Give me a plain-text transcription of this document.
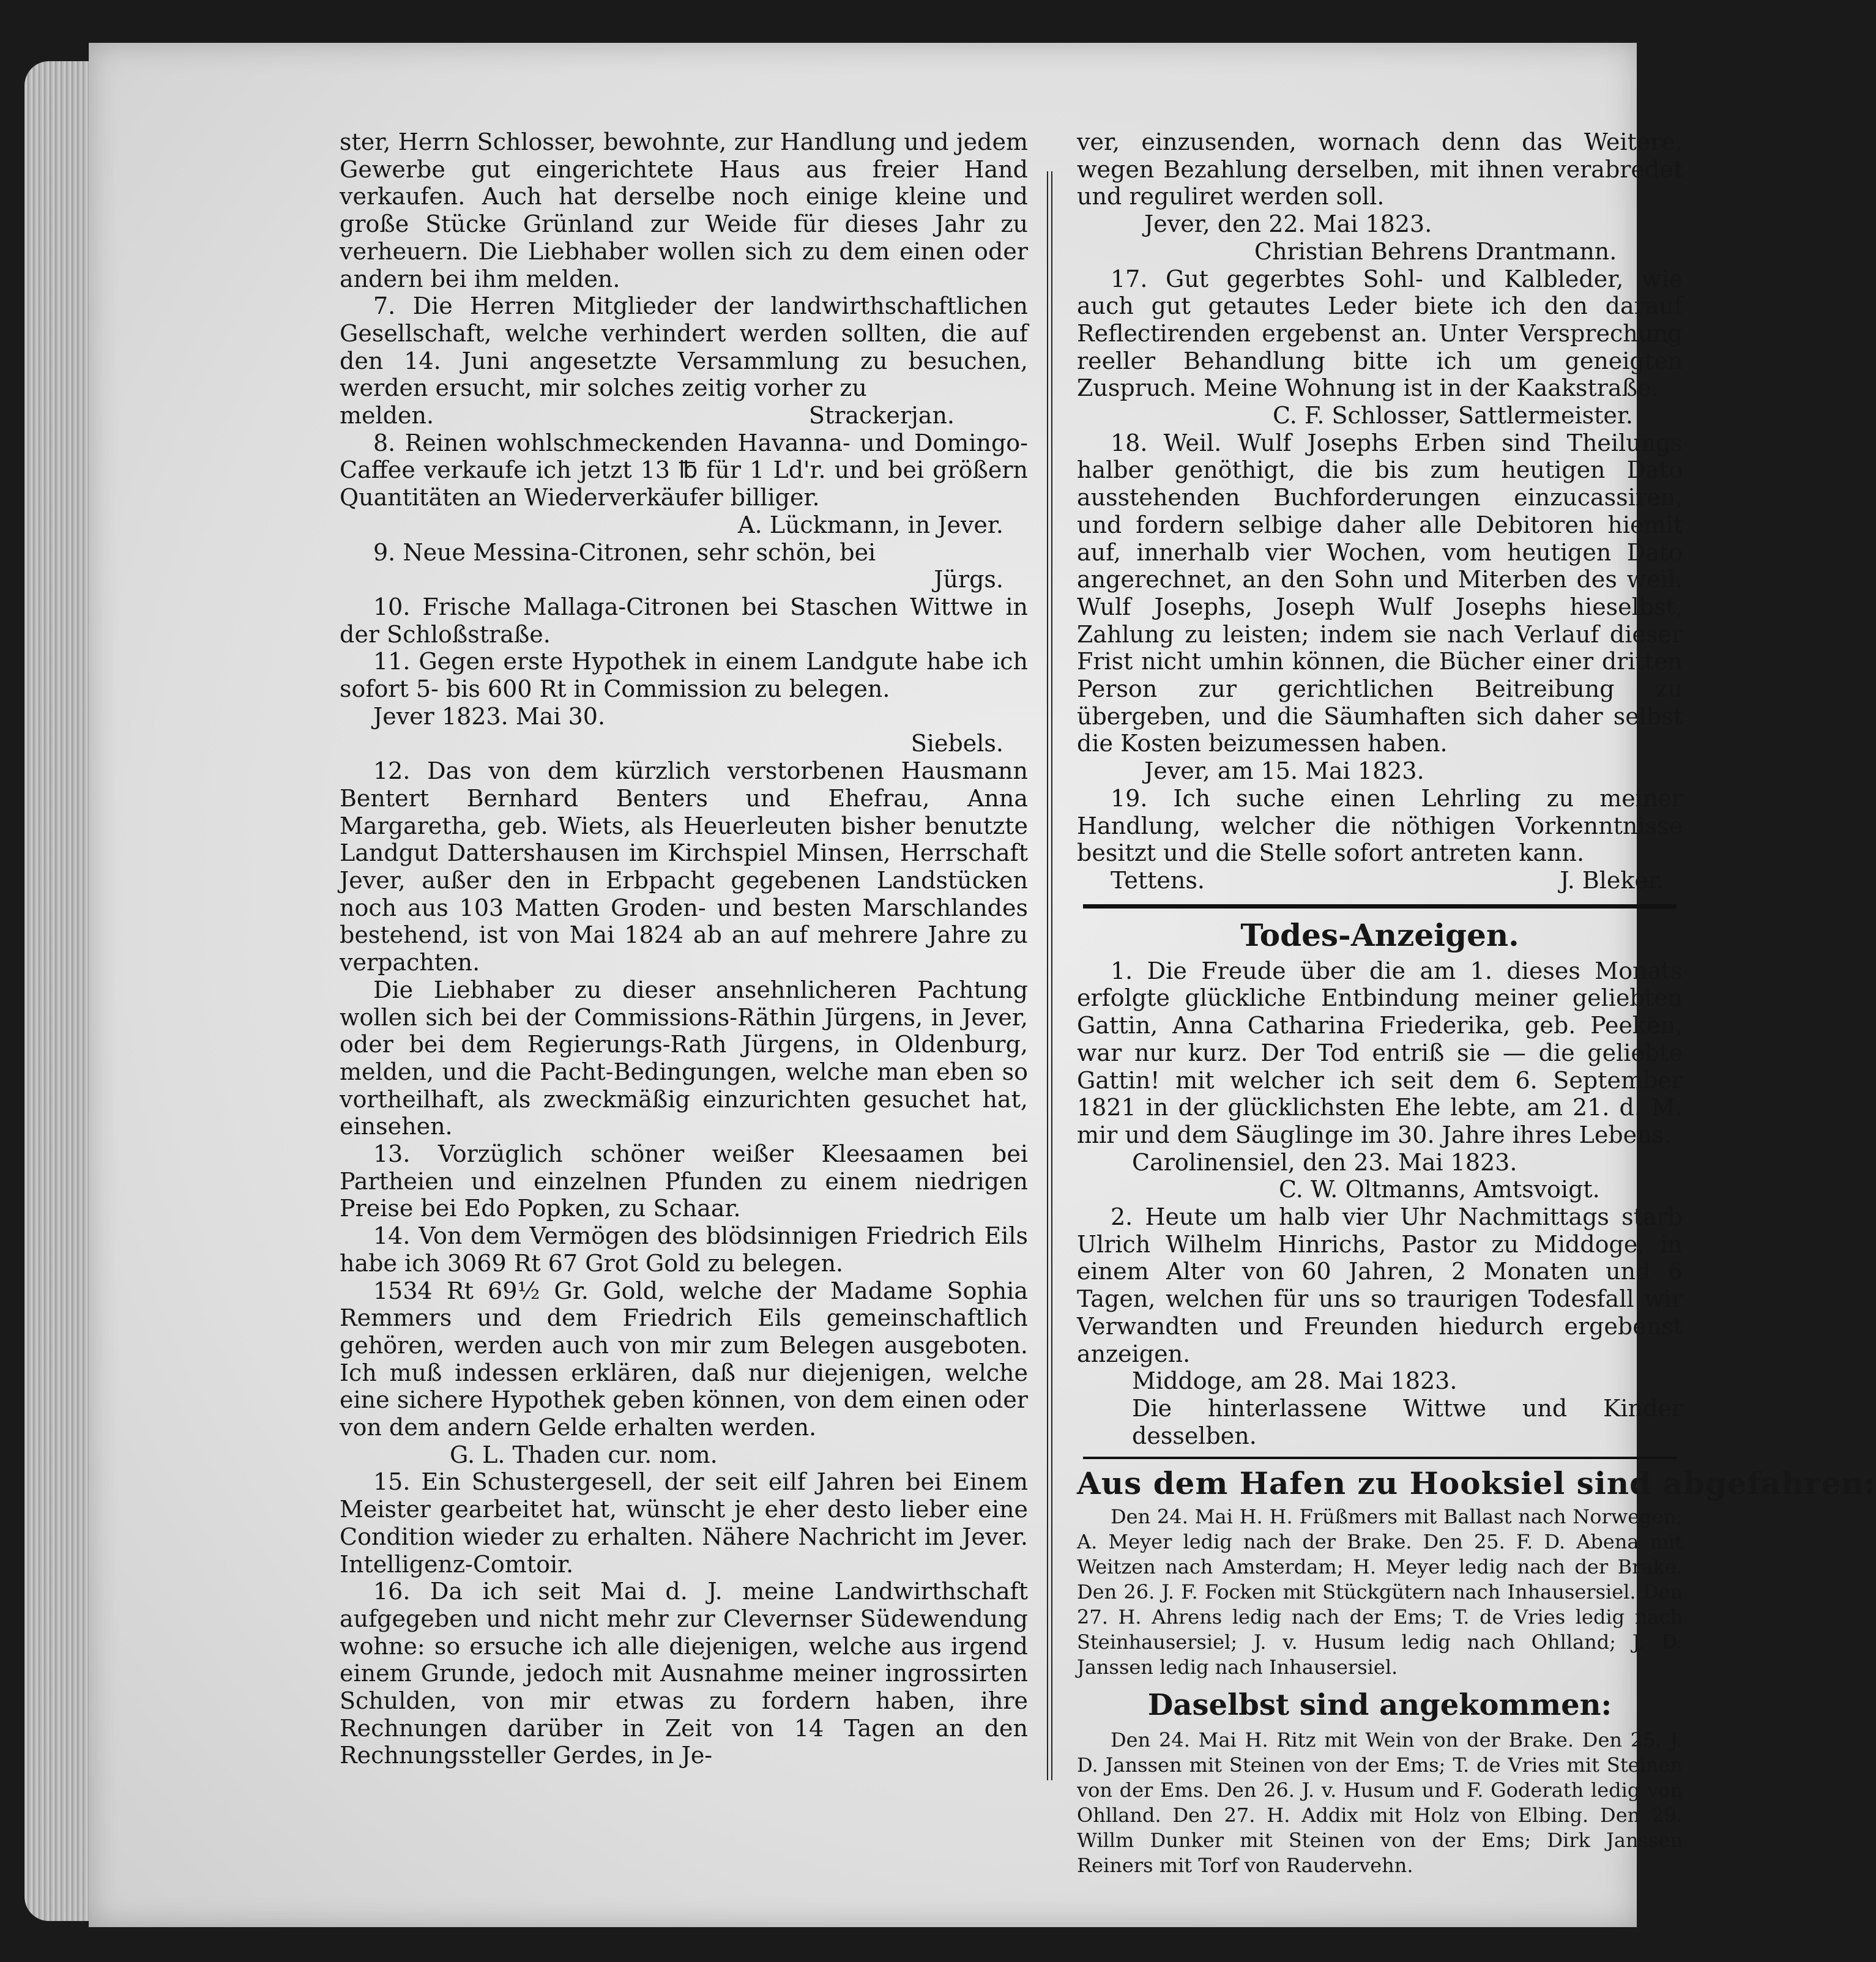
ster, Herrn Schlosser, bewohnte, zur Handlung und jedem Gewerbe gut eingerichtete Haus aus freier Hand verkaufen. Auch hat derselbe noch einige kleine und große Stücke Grünland zur Weide für dieses Jahr zu verheuern. Die Liebhaber wollen sich zu dem einen oder andern bei ihm melden.

7. Die Herren Mitglieder der landwirthschaftlichen Gesellschaft, welche verhindert werden sollten, die auf den 14. Juni angesetzte Versammlung zu besuchen, werden ersucht, mir solches zeitig vorher zu

melden.	Strackerjan.

8. Reinen wohlschmeckenden Havanna- und Domingo-Caffee verkaufe ich jetzt 13 ℔ für 1 Ld'r. und bei größern Quantitäten an Wiederverkäufer billiger.

A. Lückmann, in Jever.

9. Neue Messina-Citronen, sehr schön, bei

Jürgs.

10. Frische Mallaga-Citronen bei Staschen Wittwe in der Schloßstraße.

11. Gegen erste Hypothek in einem Landgute habe ich sofort 5- bis 600 Rt in Commission zu belegen.

Jever 1823. Mai 30.

Siebels.

12. Das von dem kürzlich verstorbenen Hausmann Bentert Bernhard Benters und Ehefrau, Anna Margaretha, geb. Wiets, als Heuerleuten bisher benutzte Landgut Dattershausen im Kirchspiel Minsen, Herrschaft Jever, außer den in Erbpacht gegebenen Landstücken noch aus 103 Matten Groden- und besten Marschlandes bestehend, ist von Mai 1824 ab an auf mehrere Jahre zu verpachten.

Die Liebhaber zu dieser ansehnlicheren Pachtung wollen sich bei der Commissions-Räthin Jürgens, in Jever, oder bei dem Regierungs-Rath Jürgens, in Oldenburg, melden, und die Pacht-Bedingungen, welche man eben so vortheilhaft, als zweckmäßig einzurichten gesuchet hat, einsehen.

13. Vorzüglich schöner weißer Kleesaamen bei Partheien und einzelnen Pfunden zu einem niedrigen Preise bei Edo Popken, zu Schaar.

14. Von dem Vermögen des blödsinnigen Friedrich Eils habe ich 3069 Rt 67 Grot Gold zu belegen.

1534 Rt 69½ Gr. Gold, welche der Madame Sophia Remmers und dem Friedrich Eils gemeinschaftlich gehören, werden auch von mir zum Belegen ausgeboten. Ich muß indessen erklären, daß nur diejenigen, welche eine sichere Hypothek geben können, von dem einen oder von dem andern Gelde erhalten werden.

G. L. Thaden cur. nom.

15. Ein Schustergesell, der seit eilf Jahren bei Einem Meister gearbeitet hat, wünscht je eher desto lieber eine Condition wieder zu erhalten. Nähere Nachricht im Jever. Intelligenz-Comtoir.

16. Da ich seit Mai d. J. meine Landwirthschaft aufgegeben und nicht mehr zur Clevernser Südewendung wohne: so ersuche ich alle diejenigen, welche aus irgend einem Grunde, jedoch mit Ausnahme meiner ingrossirten Schulden, von mir etwas zu fordern haben, ihre Rechnungen darüber in Zeit von 14 Tagen an den Rechnungssteller Gerdes, in Je-

ver, einzusenden, wornach denn das Weitere, wegen Bezahlung derselben, mit ihnen verabredet und reguliret werden soll.

Jever, den 22. Mai 1823.

Christian Behrens Drantmann.

17. Gut gegerbtes Sohl- und Kalbleder, wie auch gut getautes Leder biete ich den darauf Reflectirenden ergebenst an. Unter Versprechung reeller Behandlung bitte ich um geneigten Zuspruch. Meine Wohnung ist in der Kaakstraße.

C. F. Schlosser, Sattlermeister.

18. Weil. Wulf Josephs Erben sind Theilungs halber genöthigt, die bis zum heutigen Dato ausstehenden Buchforderungen einzucassiren, und fordern selbige daher alle Debitoren hiemit auf, innerhalb vier Wochen, vom heutigen Dato angerechnet, an den Sohn und Miterben des weil. Wulf Josephs, Joseph Wulf Josephs hieselbst, Zahlung zu leisten; indem sie nach Verlauf dieser Frist nicht umhin können, die Bücher einer dritten Person zur gerichtlichen Beitreibung zu übergeben, und die Säumhaften sich daher selbst die Kosten beizumessen haben.

Jever, am 15. Mai 1823.

19. Ich suche einen Lehrling zu meiner Handlung, welcher die nöthigen Vorkenntnisse besitzt und die Stelle sofort antreten kann.

Tettens.	J. Bleker.
Todes-Anzeigen.

1. Die Freude über die am 1. dieses Monats erfolgte glückliche Entbindung meiner geliebten Gattin, Anna Catharina Friederika, geb. Peeken, war nur kurz. Der Tod entriß sie — die geliebte Gattin! mit welcher ich seit dem 6. September 1821 in der glücklichsten Ehe lebte, am 21. d. M. mir und dem Säuglinge im 30. Jahre ihres Lebens.

Carolinensiel, den 23. Mai 1823.

C. W. Oltmanns, Amtsvoigt.

2. Heute um halb vier Uhr Nachmittags starb Ulrich Wilhelm Hinrichs, Pastor zu Middoge, in einem Alter von 60 Jahren, 2 Monaten und 6 Tagen, welchen für uns so traurigen Todesfall wir Verwandten und Freunden hiedurch ergebenst anzeigen.

Middoge, am 28. Mai 1823.

Die hinterlassene Wittwe und Kinder desselben.

Aus dem Hafen zu Hooksiel sind abgefahren:

Den 24. Mai H. H. Früßmers mit Ballast nach Norwegen; A. Meyer ledig nach der Brake. Den 25. F. D. Abena mit Weitzen nach Amsterdam; H. Meyer ledig nach der Brake. Den 26. J. F. Focken mit Stückgütern nach Inhausersiel. Den 27. H. Ahrens ledig nach der Ems; T. de Vries ledig nach Steinhausersiel; J. v. Husum ledig nach Ohlland; J. D. Janssen ledig nach Inhausersiel.

Daselbst sind angekommen:

Den 24. Mai H. Ritz mit Wein von der Brake. Den 25. J. D. Janssen mit Steinen von der Ems; T. de Vries mit Steinen von der Ems. Den 26. J. v. Husum und F. Goderath ledig von Ohlland. Den 27. H. Addix mit Holz von Elbing. Den 29. Willm Dunker mit Steinen von der Ems; Dirk Janssen Reiners mit Torf von Raudervehn.
